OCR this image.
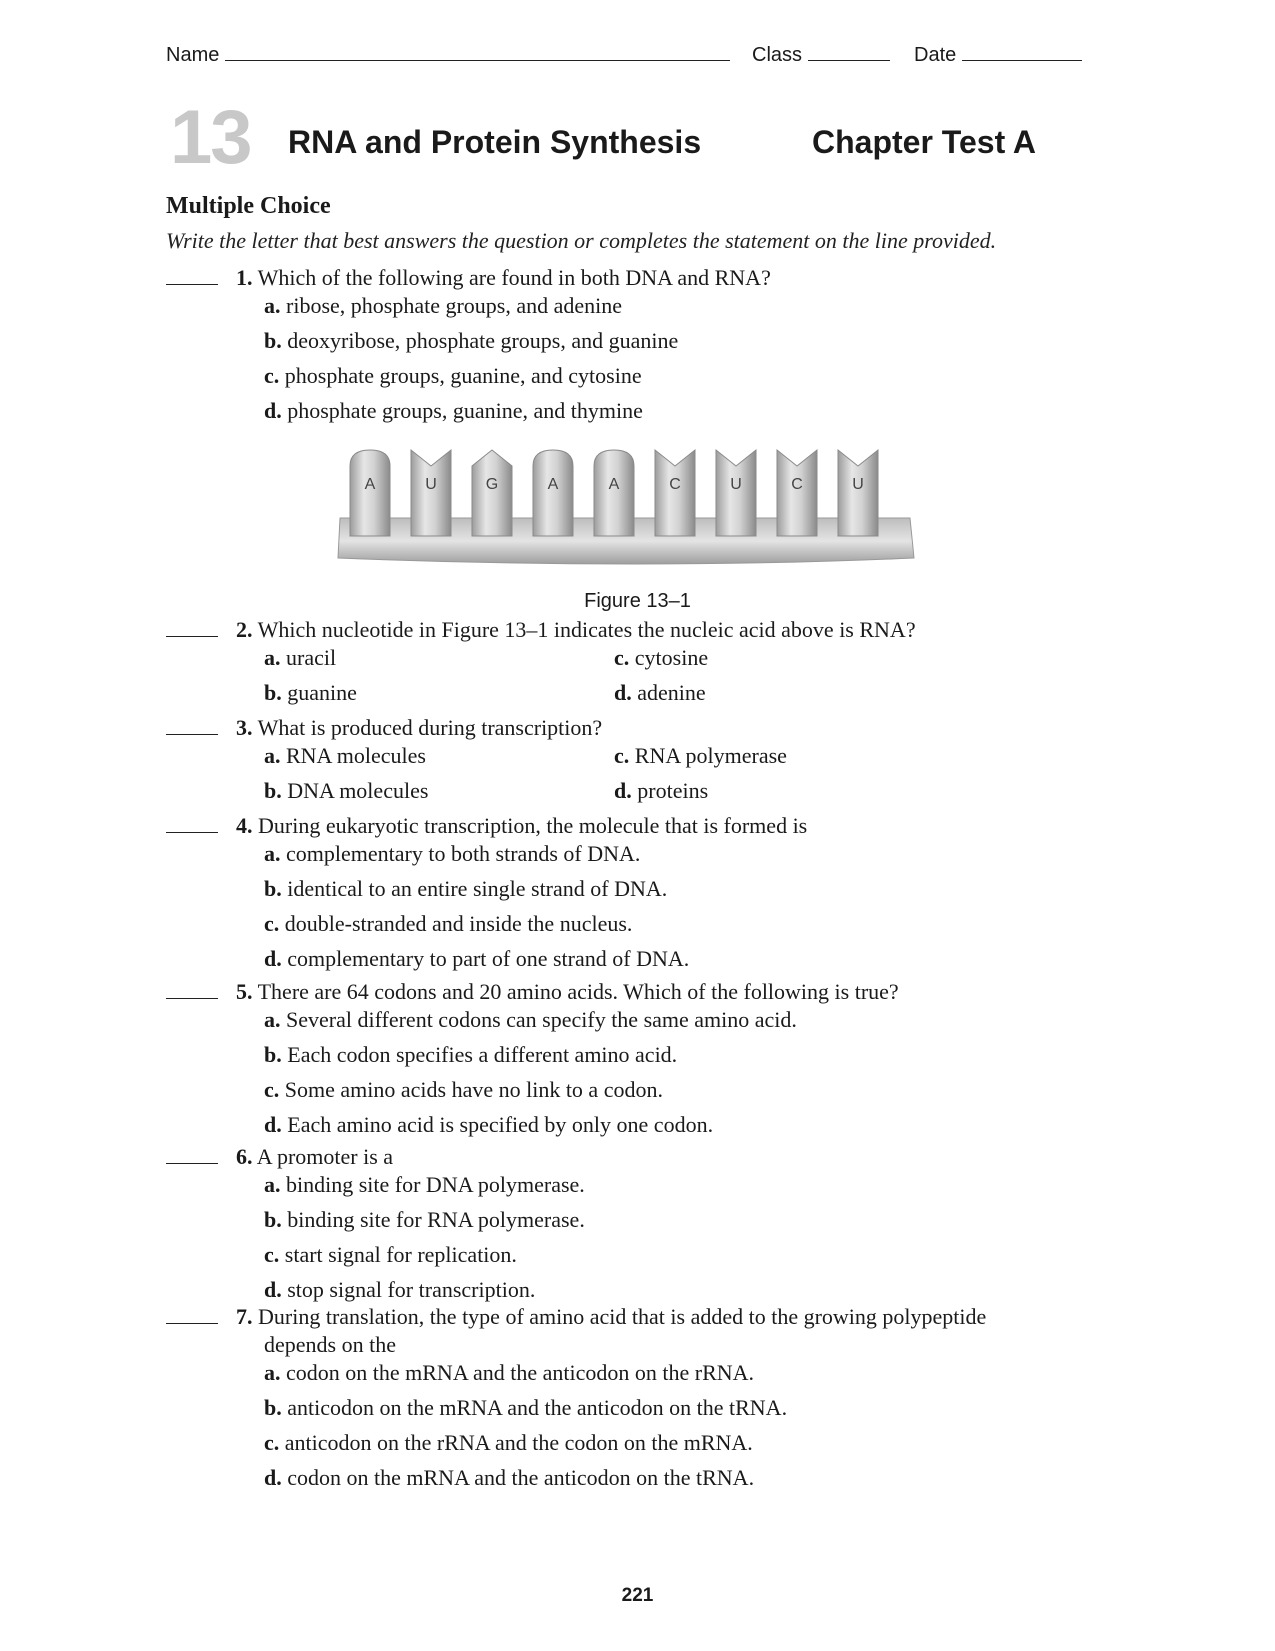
Name	Class	Date
13 RNA and Protein Synthesis	Chapter Test A
Multiple Choice
Write the letter that best answers the question or completes the statement on the line provided.
1. Which of the following are found in both DNA and RNA?
a. ribose, phosphate groups, and adenine
b. deoxyribose, phosphate groups, and guanine
c. phosphate groups, guanine, and cytosine
d. phosphate groups, guanine, and thymine
A	U	G	A	A	C	U	C	U
Figure 13–1
2. Which nucleotide in Figure 13–1 indicates the nucleic acid above is RNA?
a. uracil	c. cytosine
b. guanine	d. adenine
3. What is produced during transcription?
a. RNA molecules	c. RNA polymerase
b. DNA molecules	d. proteins
4. During eukaryotic transcription, the molecule that is formed is
a. complementary to both strands of DNA.
b. identical to an entire single strand of DNA.
c. double-stranded and inside the nucleus.
d. complementary to part of one strand of DNA.
5. There are 64 codons and 20 amino acids. Which of the following is true?
a. Several different codons can specify the same amino acid.
b. Each codon specifies a different amino acid.
c. Some amino acids have no link to a codon.
d. Each amino acid is specified by only one codon.
6. A promoter is a
a. binding site for DNA polymerase.
b. binding site for RNA polymerase.
c. start signal for replication.
d. stop signal for transcription.
7. During translation, the type of amino acid that is added to the growing polypeptide
depends on the
a. codon on the mRNA and the anticodon on the rRNA.
b. anticodon on the mRNA and the anticodon on the tRNA.
c. anticodon on the rRNA and the codon on the mRNA.
d. codon on the mRNA and the anticodon on the tRNA.
221
